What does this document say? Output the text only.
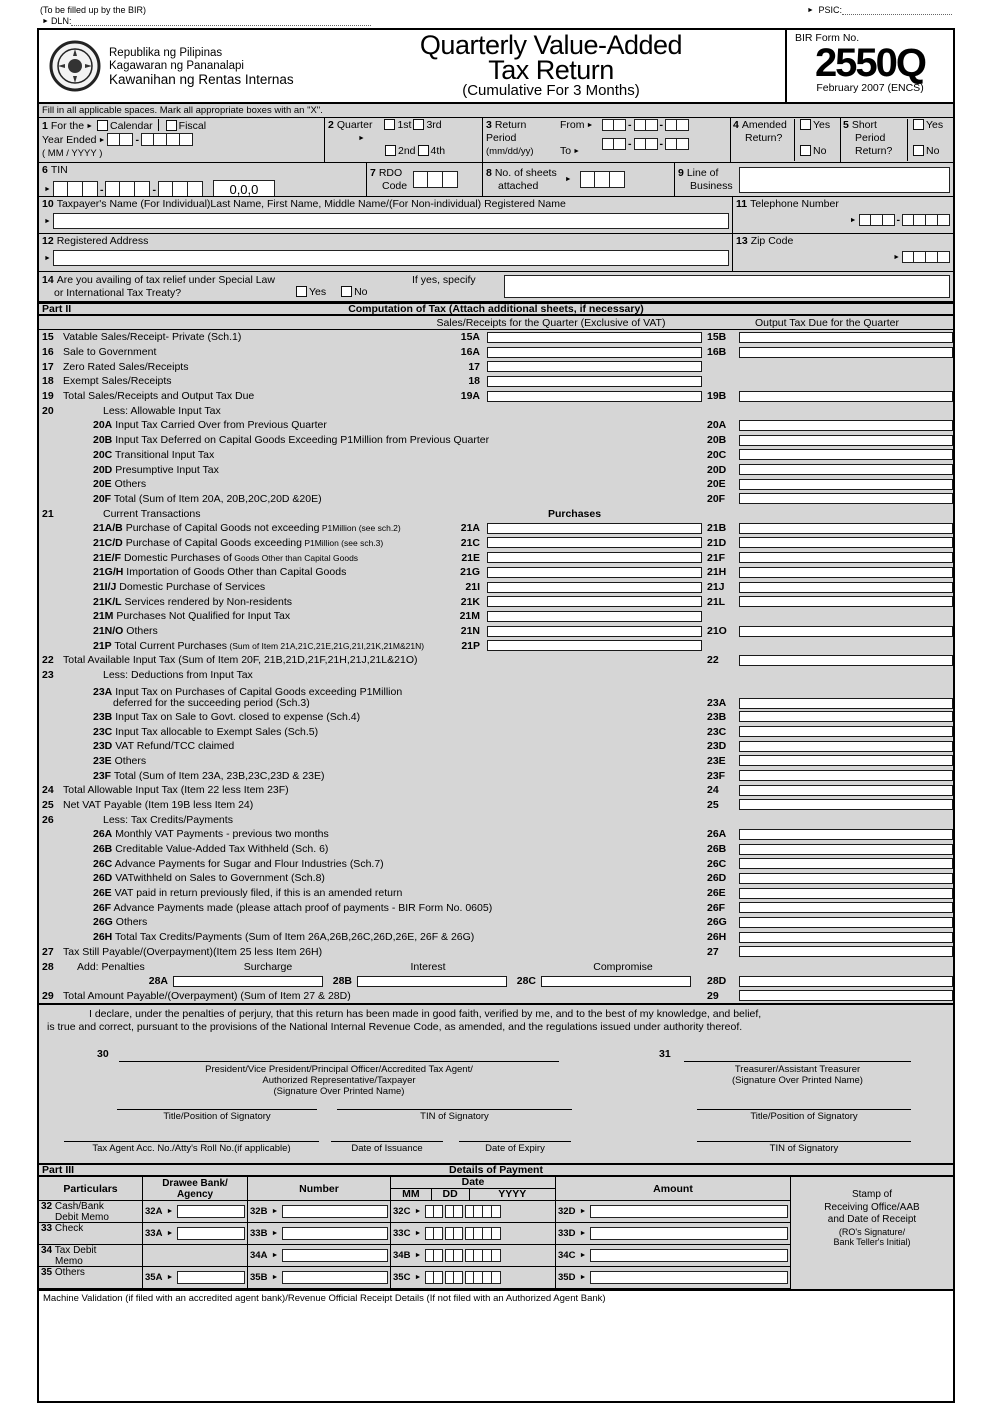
(To be filled up by the BIR)	► PSIC:
► DLN:
Republika ng Pilipinas
Kagawaran ng Pananalapi
Kawanihan ng Rentas Internas
Quarterly Value-Added
Tax Return
(Cumulative For 3 Months)
BIR Form No.
2550Q
February 2007 (ENCS)
Fill in all applicable spaces. Mark all appropriate boxes with an "X".
1 For the ► Calendar Fiscal
Year Ended ►	-
( MM / YYYY )
2 Quarter 1st 3rd
►
2nd 4th
3 Return
Period
(mm/dd/yy)
From ►
To ►
-	-
-	-
4 Amended
Return?
Yes
No
5 Short
Period
Return?
Yes
No
6 TIN
►	-	-	0,0,0
7 RDO
Code
8 No. of sheets
attached	►
9 Line of
Business
10 Taxpayer's Name (For Individual)Last Name, First Name, Middle Name/(For Non-individual) Registered Name
►
11 Telephone Number
►	-
12 Registered Address
►
13 Zip Code
►
14 Are you availing of tax relief under Special Law
or International Tax Treaty?	Yes	No
If yes, specify
Part II	Computation of Tax (Attach additional sheets, if necessary)
Sales/Receipts for the Quarter (Exclusive of VAT)	Output Tax Due for the Quarter
15 Vatable Sales/Receipt- Private (Sch.1)	15A	15B
16 Sale to Government	16A	16B
17 Zero Rated Sales/Receipts	17
18 Exempt Sales/Receipts	18
19 Total Sales/Receipts and Output Tax Due	19A	19B
20	Less: Allowable Input Tax
20A Input Tax Carried Over from Previous Quarter	20A
20B Input Tax Deferred on Capital Goods Exceeding P1Million from Previous Quarter	20B
20C Transitional Input Tax	20C
20D Presumptive Input Tax	20D
20E Others	20E
20F Total (Sum of Item 20A, 20B,20C,20D &20E)	20F
21	Current Transactions	Purchases
21A/B Purchase of Capital Goods not exceeding P1Million (see sch.2)	21A	21B
21C/D Purchase of Capital Goods exceeding P1Million (see sch.3)	21C	21D
21E/F Domestic Purchases of Goods Other than Capital Goods	21E	21F
21G/H Importation of Goods Other than Capital Goods	21G	21H
21I/J Domestic Purchase of Services	21I	21J
21K/L Services rendered by Non-residents	21K	21L
21M Purchases Not Qualified for Input Tax	21M
21N/O Others	21N	21O
21P Total Current Purchases (Sum of Item 21A,21C,21E,21G,21I,21K,21M&21N)	21P
22 Total Available Input Tax (Sum of Item 20F, 21B,21D,21F,21H,21J,21L&21O)	22
23	Less: Deductions from Input Tax
23A Input Tax on Purchases of Capital Goods exceeding P1Million
deferred for the succeeding period (Sch.3)	23A
23B Input Tax on Sale to Govt. closed to expense (Sch.4)	23B
23C Input Tax allocable to Exempt Sales (Sch.5)	23C
23D VAT Refund/TCC claimed	23D
23E Others	23E
23F Total (Sum of Item 23A, 23B,23C,23D & 23E)	23F
24 Total Allowable Input Tax (Item 22 less Item 23F)	24
25 Net VAT Payable (Item 19B less Item 24)	25
26	Less: Tax Credits/Payments
26A Monthly VAT Payments - previous two months	26A
26B Creditable Value-Added Tax Withheld (Sch. 6)	26B
26C Advance Payments for Sugar and Flour Industries (Sch.7)	26C
26D VATwithheld on Sales to Government (Sch.8)	26D
26E VAT paid in return previously filed, if this is an amended return	26E
26F Advance Payments made (please attach proof of payments - BIR Form No. 0605)	26F
26G Others	26G
26H Total Tax Credits/Payments (Sum of Item 26A,26B,26C,26D,26E, 26F & 26G)	26H
27 Tax Still Payable/(Overpayment)(Item 25 less Item 26H)	27
28	Add: Penalties	Surcharge	Interest	Compromise
28A	28B	28C	28D
29 Total Amount Payable/(Overpayment) (Sum of Item 27 & 28D)	29
I declare, under the penalties of perjury, that this return has been made in good faith, verified by me, and to the best of my knowledge, and belief,
is true and correct, pursuant to the provisions of the National Internal Revenue Code, as amended, and the regulations issued under authority thereof.
30	31
President/Vice President/Principal Officer/Accredited Tax Agent/
Authorized Representative/Taxpayer
(Signature Over Printed Name)
Treasurer/Assistant Treasurer
(Signature Over Printed Name)
Title/Position of Signatory	TIN of Signatory	Title/Position of Signatory
Tax Agent Acc. No./Atty's Roll No.(if applicable)	Date of Issuance	Date of Expiry	TIN of Signatory
Part III	Details of Payment
Particulars	Drawee Bank/
Agency	Number
Date
MM	DD	YYYY	Amount
32 Cash/Bank
Debit Memo	32A ►	32B ►	32C ►	32D ►
33 Check	33A ►	33B ►	33C ►	33D ►
34 Tax Debit
Memo	34A ►	34B ►	34C ►
35 Others	35A ►	35B ►	35C ►	35D ►
Stamp of
Receiving Office/AAB
and Date of Receipt
(RO's Signature/
Bank Teller's Initial)
Machine Validation (if filed with an accredited agent bank)/Revenue Official Receipt Details (If not filed with an Authorized Agent Bank)
